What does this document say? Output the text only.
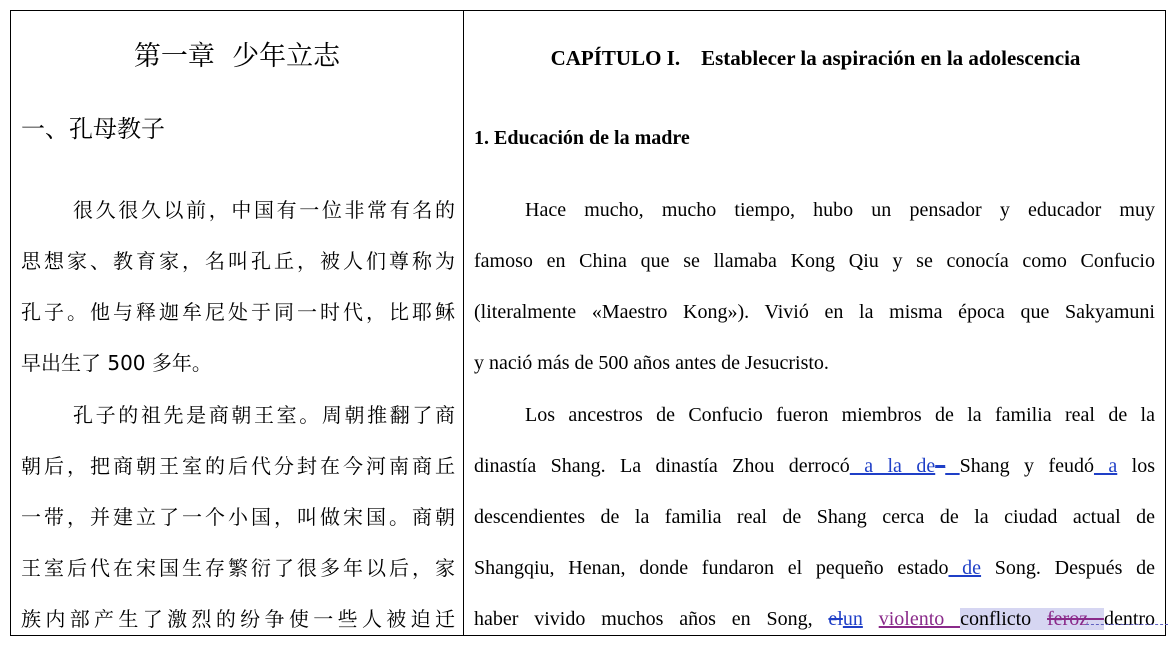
第一章  少年立志
一、孔母教子
很久很久以前，中国有一位非常有名的
思想家、教育家，名叫孔丘，被人们尊称为
孔子。他与释迦牟尼处于同一时代，比耶稣
早出生了 500 多年。
孔子的祖先是商朝王室。周朝推翻了商
朝后，把商朝王室的后代分封在今河南商丘
一带，并建立了一个小国，叫做宋国。商朝
王室后代在宋国生存繁衍了很多年以后，家
族内部产生了激烈的纷争使一些人被迫迁
CAPÍTULO I.    Establecer la aspiración en la adolescencia
1. Educación de la madre
Hace mucho, mucho tiempo, hubo un pensador y educador muy
famoso en China que se llamaba Kong Qiu y se conocía como Confucio
(literalmente «Maestro Kong»). Vivió en la misma época que Sakyamuni
y nació más de 500 años antes de Jesucristo.
Los ancestros de Confucio fueron miembros de la familia real de la
dinastía Shang. La dinastía Zhou derrocó a la de– Shang y feudó a los
descendientes de la familia real de Shang cerca de la ciudad actual de
Shangqiu, Henan, donde fundaron el pequeño estado de Song. Después de
haber vivido muchos años en Song, elun violento conflicto feroz dentro
